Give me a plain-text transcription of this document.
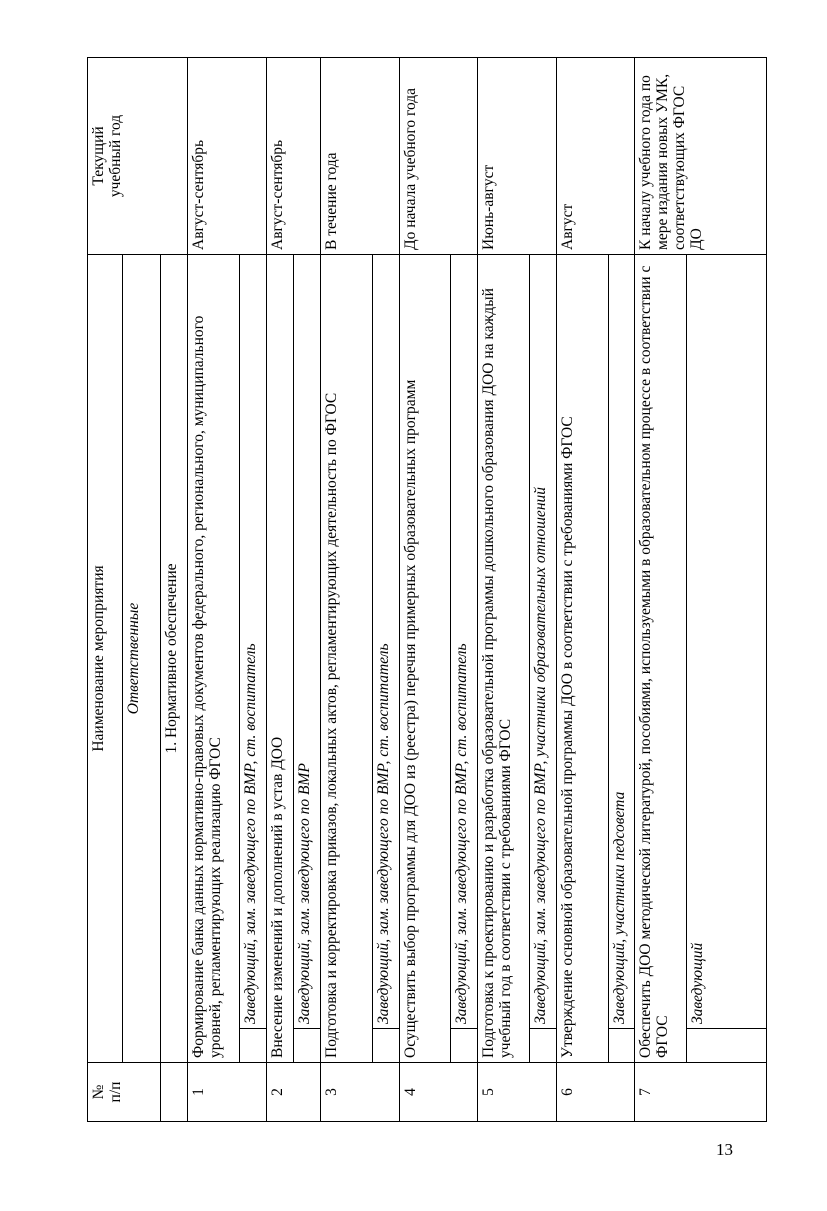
№
п/п	Наименование мероприятия		Текущий
учебный год
	Ответственные		
	1. Нормативное обеспечение		
1	Формирование банка данных нормативно-правовых документов федерального, регионального, муниципального уровней, регламентирующих реализацию ФГОС		Август-сентябрь
		Заведующий, зам. заведующего по ВМР, ст. воспитатель	
2	Внесение изменений и дополнений в устав ДОО		Август-сентябрь
		Заведующий, зам. заведующего по ВМР	
3	Подготовка и корректировка приказов, локальных актов, регламентирующих деятельность по ФГОС		В течение года
		Заведующий, зам. заведующего по ВМР, ст. воспитатель	
4	Осуществить выбор программы для ДОО из (реестра) перечня примерных образовательных программ		До начала учебного года
		Заведующий, зам. заведующего по ВМР, ст. воспитатель	
5	Подготовка к проектированию и разработка образовательной программы дошкольного образования ДОО на каждый учебный год в соответствии с требованиями ФГОС		Июнь-август
		Заведующий, зам. заведующего по ВМР, участники образовательных отношений	
6	Утверждение основной образовательной программы ДОО в соответствии с требованиями ФГОС		Август
		Заведующий, участники педсовета	
7	Обеспечить ДОО методической литературой, пособиями, используемыми в образовательном процессе в соответствии с ФГОС		К началу учебного года по мере издания новых УМК, соответствующих ФГОС ДО
		Заведующий	
13
